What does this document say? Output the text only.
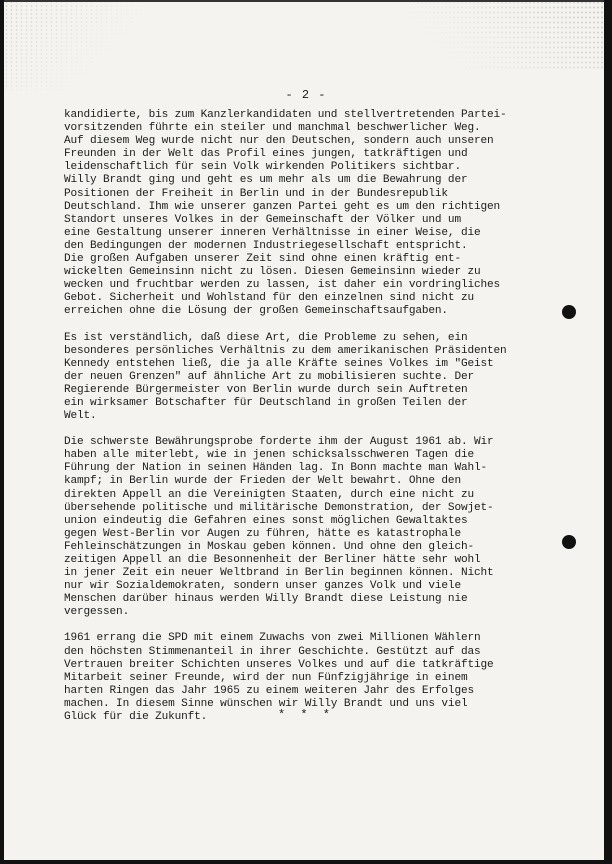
- 2 -

kandidierte, bis zum Kanzlerkandidaten und stellvertretenden Partei-
vorsitzenden führte ein steiler und manchmal beschwerlicher Weg.
Auf diesem Weg wurde nicht nur den Deutschen, sondern auch unseren
Freunden in der Welt das Profil eines jungen, tatkräftigen und
leidenschaftlich für sein Volk wirkenden Politikers sichtbar.
Willy Brandt ging und geht es um mehr als um die Bewahrung der
Positionen der Freiheit in Berlin und in der Bundesrepublik
Deutschland. Ihm wie unserer ganzen Partei geht es um den richtigen
Standort unseres Volkes in der Gemeinschaft der Völker und um
eine Gestaltung unserer inneren Verhältnisse in einer Weise, die
den Bedingungen der modernen Industriegesellschaft entspricht.
Die großen Aufgaben unserer Zeit sind ohne einen kräftig ent-
wickelten Gemeinsinn nicht zu lösen. Diesen Gemeinsinn wieder zu
wecken und fruchtbar werden zu lassen, ist daher ein vordringliches
Gebot. Sicherheit und Wohlstand für den einzelnen sind nicht zu
erreichen ohne die Lösung der großen Gemeinschaftsaufgaben.

Es ist verständlich, daß diese Art, die Probleme zu sehen, ein
besonderes persönliches Verhältnis zu dem amerikanischen Präsidenten
Kennedy entstehen ließ, die ja alle Kräfte seines Volkes im "Geist
der neuen Grenzen" auf ähnliche Art zu mobilisieren suchte. Der
Regierende Bürgermeister von Berlin wurde durch sein Auftreten
ein wirksamer Botschafter für Deutschland in großen Teilen der
Welt.

Die schwerste Bewährungsprobe forderte ihm der August 1961 ab. Wir
haben alle miterlebt, wie in jenen schicksalsschweren Tagen die
Führung der Nation in seinen Händen lag. In Bonn machte man Wahl-
kampf; in Berlin wurde der Frieden der Welt bewahrt. Ohne den
direkten Appell an die Vereinigten Staaten, durch eine nicht zu
übersehende politische und militärische Demonstration, der Sowjet-
union eindeutig die Gefahren eines sonst möglichen Gewaltaktes
gegen West-Berlin vor Augen zu führen, hätte es katastrophale
Fehleinschätzungen in Moskau geben können. Und ohne den gleich-
zeitigen Appell an die Besonnenheit der Berliner hätte sehr wohl
in jener Zeit ein neuer Weltbrand in Berlin beginnen können. Nicht
nur wir Sozialdemokraten, sondern unser ganzes Volk und viele
Menschen darüber hinaus werden Willy Brandt diese Leistung nie
vergessen.

1961 errang die SPD mit einem Zuwachs von zwei Millionen Wählern
den höchsten Stimmenanteil in ihrer Geschichte. Gestützt auf das
Vertrauen breiter Schichten unseres Volkes und auf die tatkräftige
Mitarbeit seiner Freunde, wird der nun Fünfzigjährige in einem
harten Ringen das Jahr 1965 zu einem weiteren Jahr des Erfolges
machen. In diesem Sinne wünschen wir Willy Brandt und uns viel
Glück für die Zukunft.	* * *
